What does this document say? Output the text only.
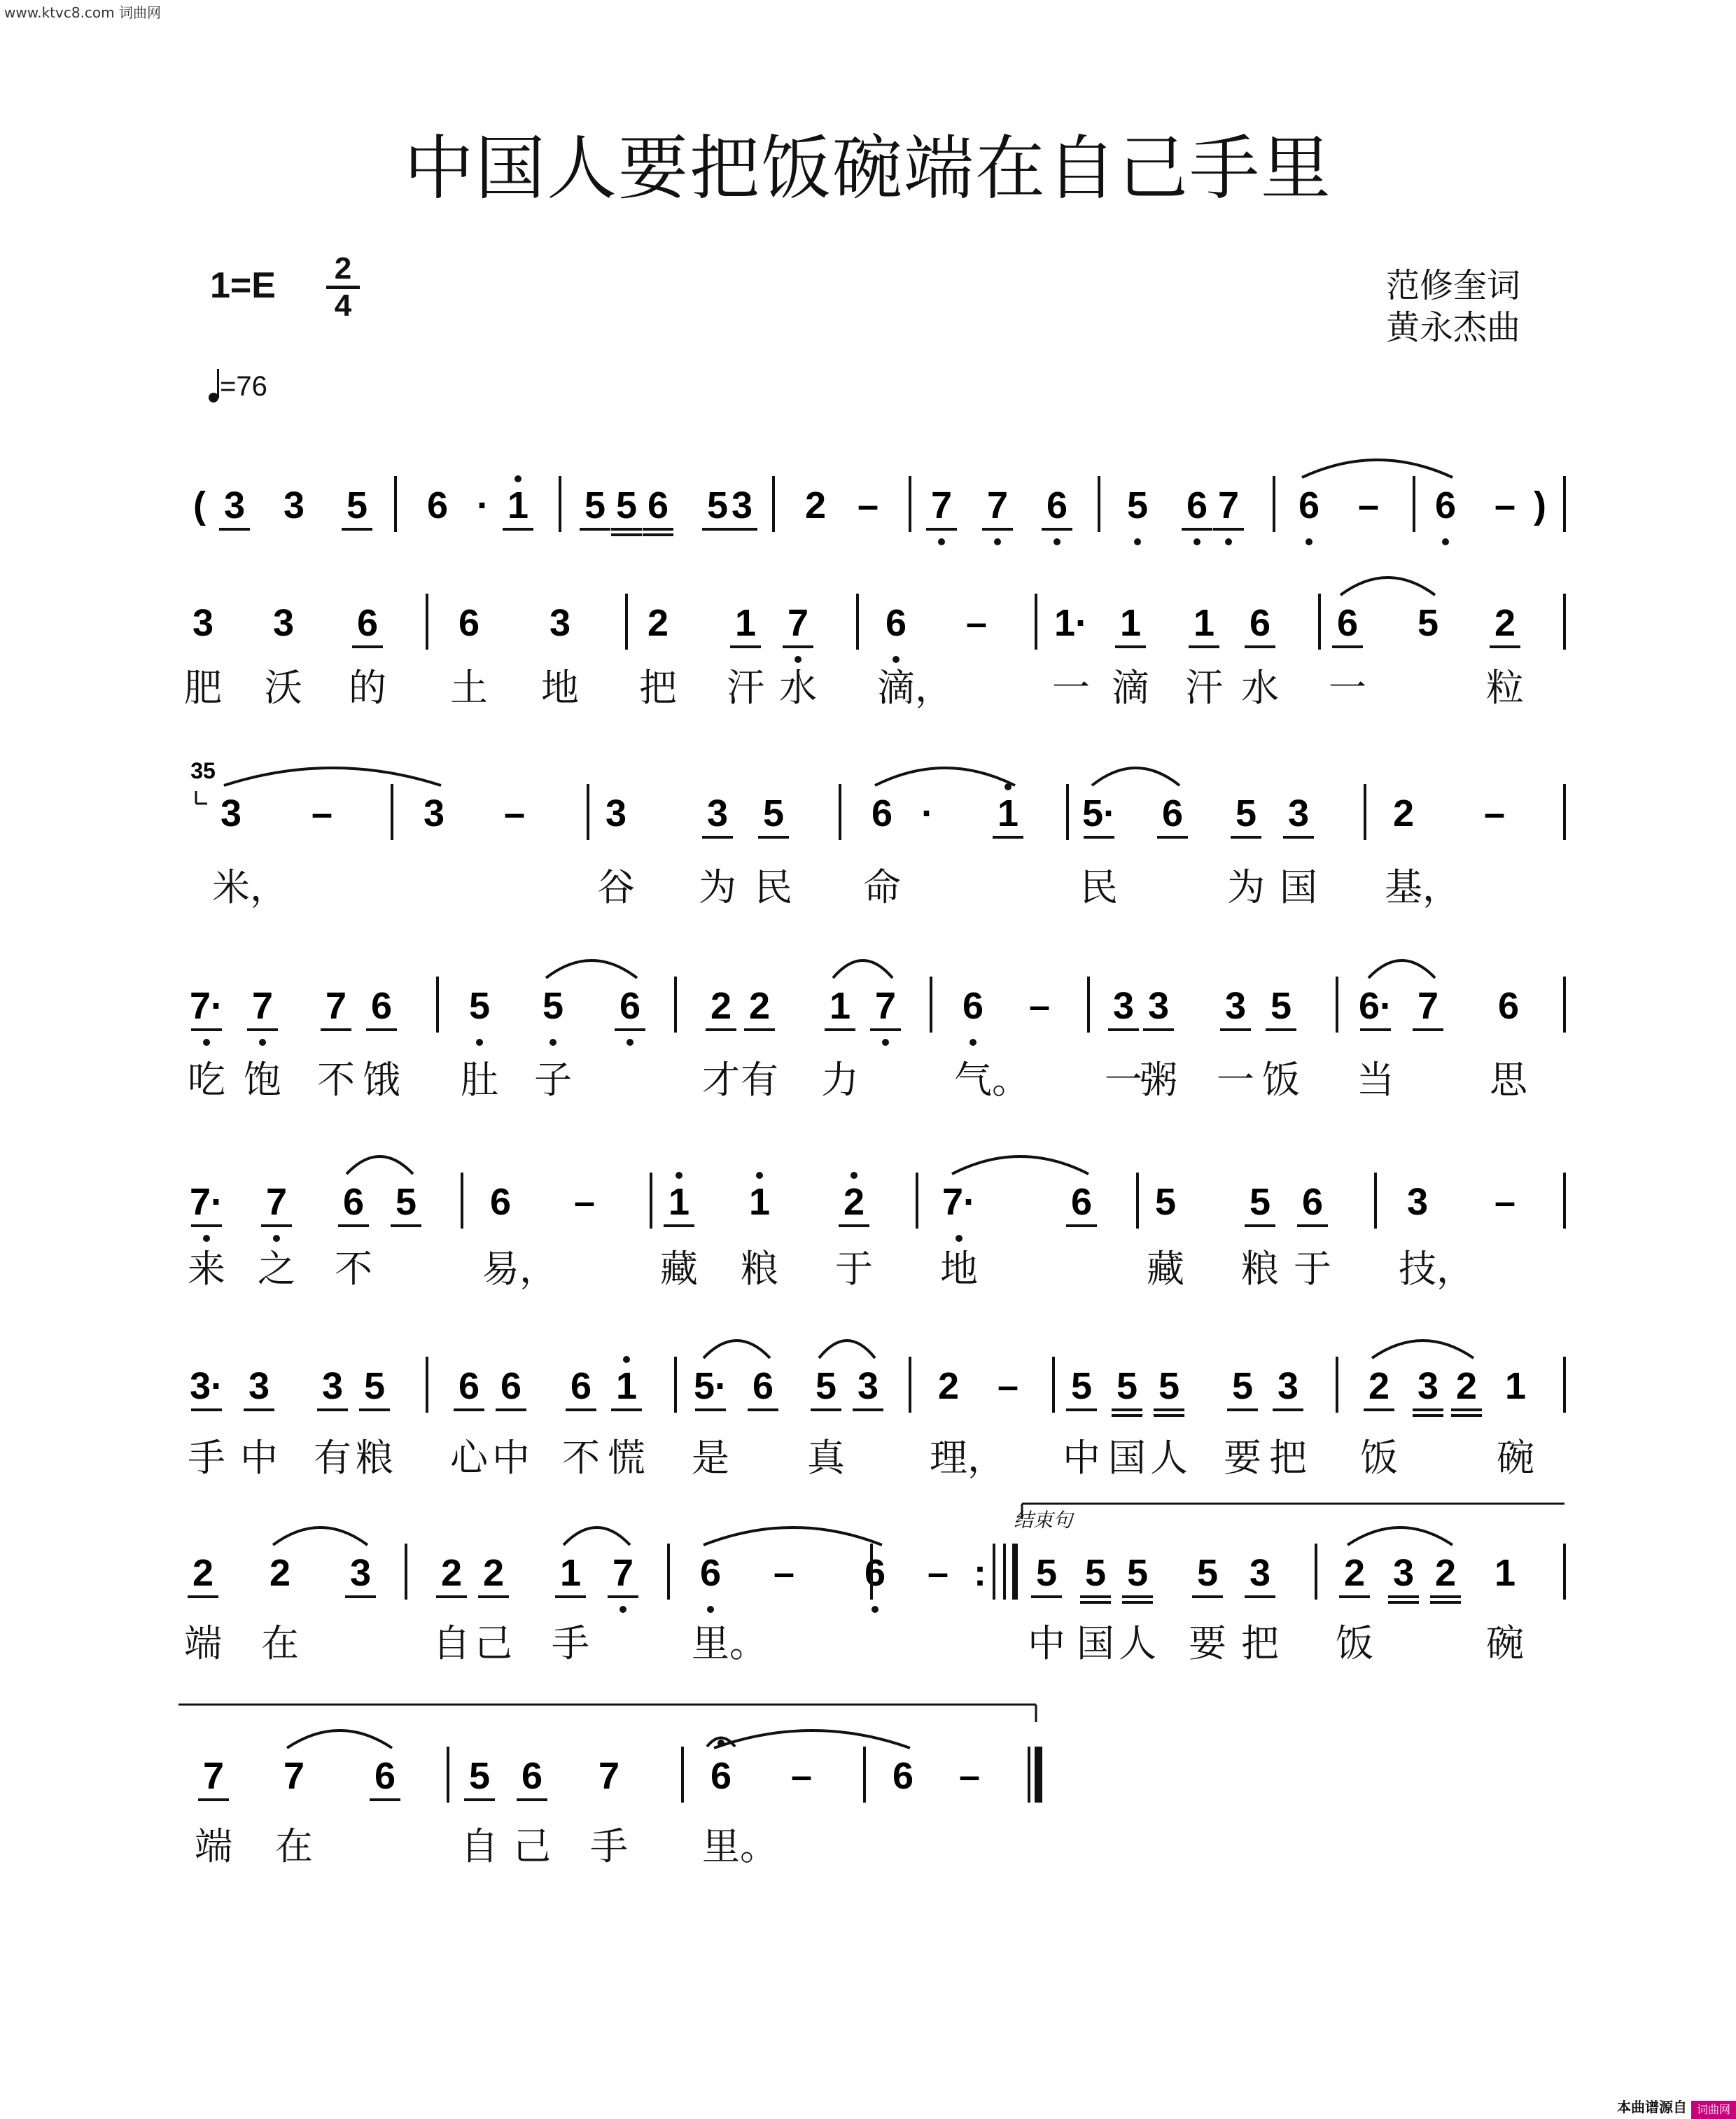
www.ktvc8.com 词曲网
中国人要把饭碗端在自己手里
1=E 2
4
范修奎词
黄永杰曲
=76
结束句
( 3 3 5 6 · 1 5 5 6 5 3 2 – 7 7 6 5 6 7 6 – 6 – )
3 3 6 6 3 2 1 7 6 – 1· 1 1 6 6 5 2
3 – 3 – 3 3 5 6 · 1 5· 6 5 3 2 –
7· 7 7 6 5 5 6 2 2 1 7 6 – 3 3 3 5 6· 7 6
7· 7 6 5 6 – 1 1 2 7·	6 5 5 6 3 –
3· 3 3 5 6 6 6 1 5· 6 5 3 2 – 5 5 5 5 3 2 3 2 1
2 2 3 2 2 1 7 6 – 6 – : 5 5 5 5 3 2 3 2 1
7 7 6 5 6 7 6 – 6 –
35
肥 沃 的 土 地 把 汗 水 滴，	一 滴 汗 水 一	粒
米，	谷 为 民 命	民	为 国 基，
吃 饱 不 饿 肚 子	才 有 力	气。 一
粥 一 饭 当	思
来 之 不	易，	藏 粮 于 地	藏 粮 于 技，
手 中 有 粮 心 中 不 慌 是 真 理， 中 国 人 要 把 饭	碗
端 在	自 己 手	里。	中 国 人 要 把 饭	碗
端 在	自 己 手 里。
本曲谱源自 词曲网
